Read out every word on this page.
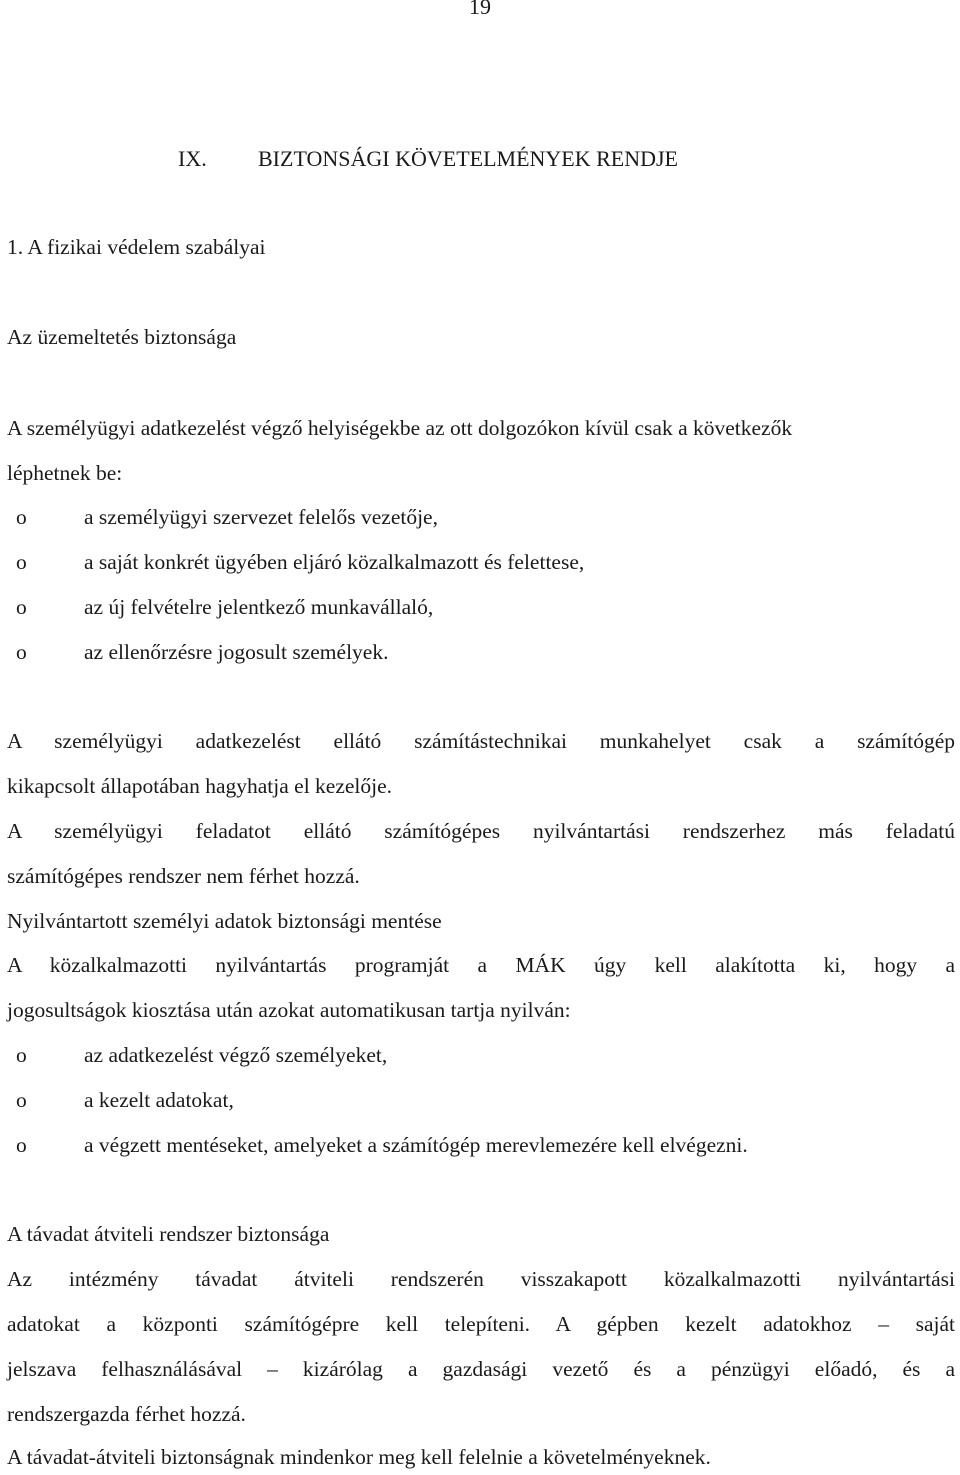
19
IX. BIZTONSÁGI KÖVETELMÉNYEK RENDJE
1. A fizikai védelem szabályai
Az üzemeltetés biztonsága
A személyügyi adatkezelést végző helyiségekbe az ott dolgozókon kívül csak a következők
léphetnek be:
o	a személyügyi szervezet felelős vezetője,
o	a saját konkrét ügyében eljáró közalkalmazott és felettese,
o	az új felvételre jelentkező munkavállaló,
o	az ellenőrzésre jogosult személyek.
A személyügyi adatkezelést ellátó számítástechnikai munkahelyet csak a számítógép
kikapcsolt állapotában hagyhatja el kezelője.
A személyügyi feladatot ellátó számítógépes nyilvántartási rendszerhez más feladatú
számítógépes rendszer nem férhet hozzá.
Nyilvántartott személyi adatok biztonsági mentése
A közalkalmazotti nyilvántartás programját a MÁK úgy kell alakította ki, hogy a
jogosultságok kiosztása után azokat automatikusan tartja nyilván:
o	az adatkezelést végző személyeket,
o	a kezelt adatokat,
o	a végzett mentéseket, amelyeket a számítógép merevlemezére kell elvégezni.
A távadat átviteli rendszer biztonsága
Az intézmény távadat átviteli rendszerén visszakapott közalkalmazotti nyilvántartási
adatokat a központi számítógépre kell telepíteni. A gépben kezelt adatokhoz – saját
jelszava felhasználásával – kizárólag a gazdasági vezető és a pénzügyi előadó, és a
rendszergazda férhet hozzá.
A távadat-átviteli biztonságnak mindenkor meg kell felelnie a követelményeknek.
